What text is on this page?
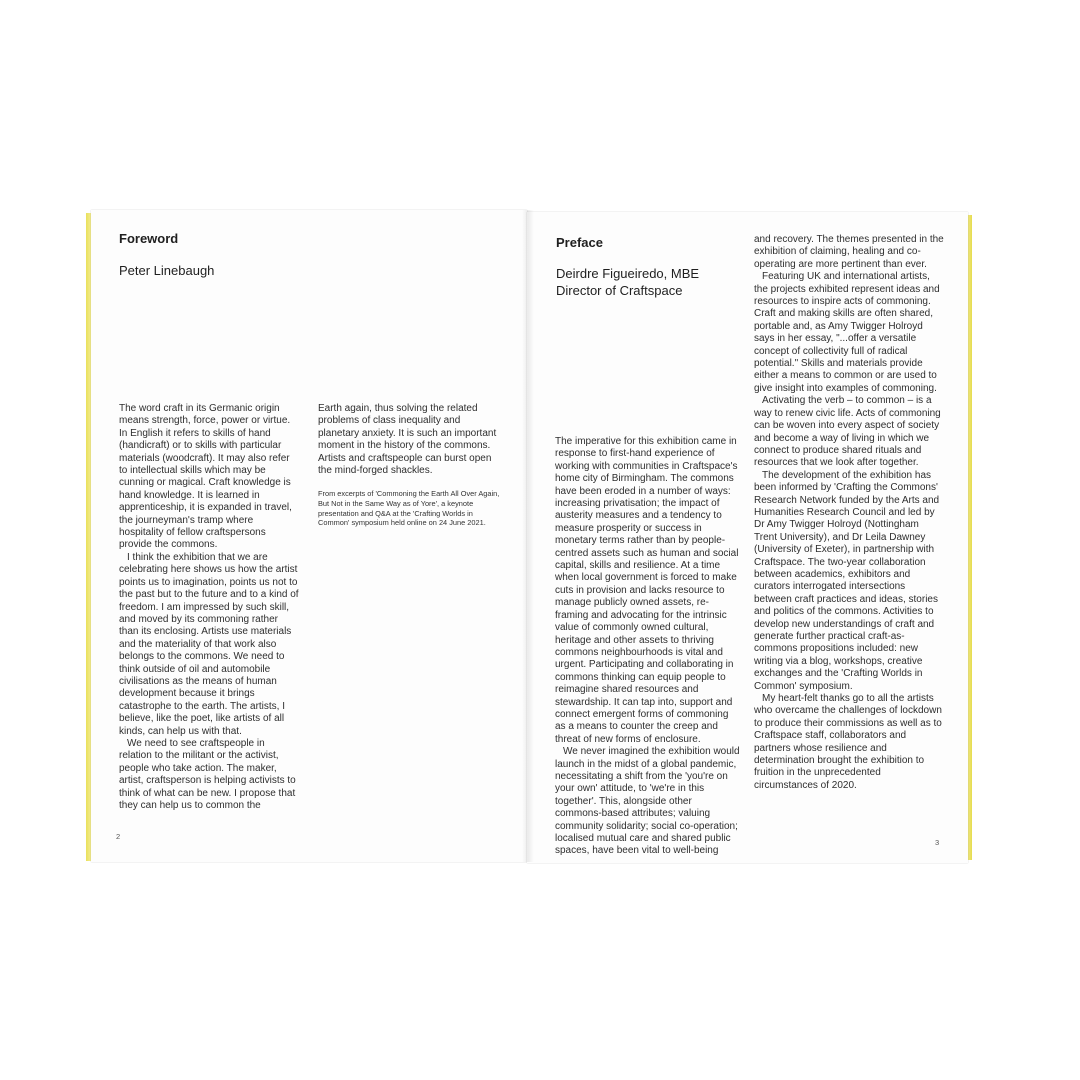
Foreword
Peter Linebaugh

The word craft in its Germanic origin means strength, force, power or virtue. In English it refers to skills of hand (handicraft) or to skills with particular materials (woodcraft). It may also refer to intellectual skills which may be cunning or magical. Craft knowledge is hand knowledge. It is learned in apprenticeship, it is expanded in travel, the journeyman's tramp where hospitality of fellow craftspersons provide the commons.

I think the exhibition that we are celebrating here shows us how the artist points us to imagination, points us not to the past but to the future and to a kind of freedom. I am impressed by such skill, and moved by its commoning rather than its enclosing. Artists use materials and the materiality of that work also belongs to the commons. We need to think outside of oil and automobile civilisations as the means of human development because it brings catastrophe to the earth. The artists, I believe, like the poet, like artists of all kinds, can help us with that.

We need to see craftspeople in relation to the militant or the activist, people who take action. The maker, artist, craftsperson is helping activists to think of what can be new. I propose that they can help us to common the

Earth again, thus solving the related problems of class inequality and planetary anxiety. It is such an important moment in the history of the commons. Artists and craftspeople can burst open the mind-forged shackles.

From excerpts of 'Commoning the Earth All Over Again, But Not in the Same Way as of Yore', a keynote presentation and Q&A at the 'Crafting Worlds in Common' symposium held online on 24 June 2021.

2
Preface
Deirdre Figueiredo, MBE
Director of Craftspace

The imperative for this exhibition came in response to first-hand experience of working with communities in Craftspace's home city of Birmingham. The commons have been eroded in a number of ways: increasing privatisation; the impact of austerity measures and a tendency to measure prosperity or success in monetary terms rather than by people-centred assets such as human and social capital, skills and resilience. At a time when local government is forced to make cuts in provision and lacks resource to manage publicly owned assets, re-framing and advocating for the intrinsic value of commonly owned cultural, heritage and other assets to thriving commons neighbourhoods is vital and urgent. Participating and collaborating in commons thinking can equip people to reimagine shared resources and stewardship. It can tap into, support and connect emergent forms of commoning as a means to counter the creep and threat of new forms of enclosure.

We never imagined the exhibition would launch in the midst of a global pandemic, necessitating a shift from the 'you're on your own' attitude, to 'we're in this together'. This, alongside other commons-based attributes; valuing community solidarity; social co-operation; localised mutual care and shared public spaces, have been vital to well-being

and recovery. The themes presented in the exhibition of claiming, healing and co-operating are more pertinent than ever.

Featuring UK and international artists, the projects exhibited represent ideas and resources to inspire acts of commoning. Craft and making skills are often shared, portable and, as Amy Twigger Holroyd says in her essay, "...offer a versatile concept of collectivity full of radical potential." Skills and materials provide either a means to common or are used to give insight into examples of commoning.

Activating the verb – to common – is a way to renew civic life. Acts of commoning can be woven into every aspect of society and become a way of living in which we connect to produce shared rituals and resources that we look after together.

The development of the exhibition has been informed by 'Crafting the Commons' Research Network funded by the Arts and Humanities Research Council and led by Dr Amy Twigger Holroyd (Nottingham Trent University), and Dr Leila Dawney (University of Exeter), in partnership with Craftspace. The two-year collaboration between academics, exhibitors and curators interrogated intersections between craft practices and ideas, stories and politics of the commons. Activities to develop new understandings of craft and generate further practical craft-as-commons propositions included: new writing via a blog, workshops, creative exchanges and the 'Crafting Worlds in Common' symposium.

My heart-felt thanks go to all the artists who overcame the challenges of lockdown to produce their commissions as well as to Craftspace staff, collaborators and partners whose resilience and determination brought the exhibition to fruition in the unprecedented circumstances of 2020.

3
